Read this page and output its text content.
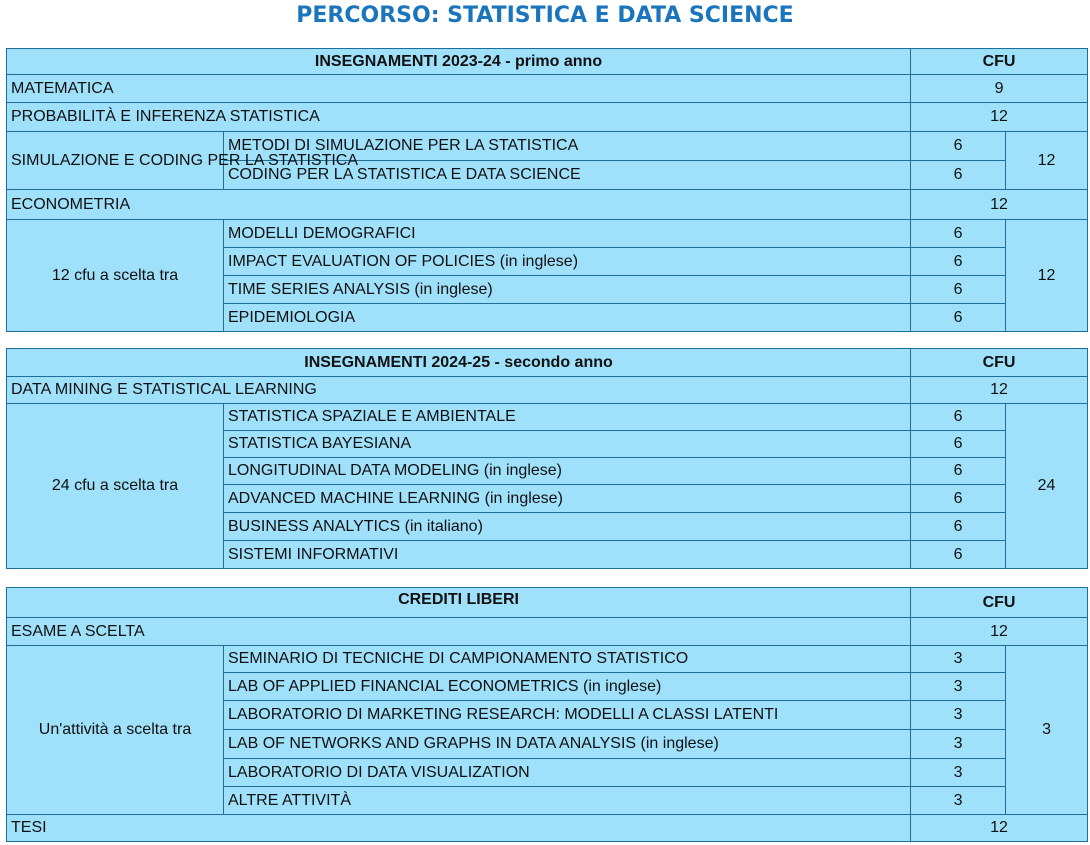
PERCORSO: STATISTICA E DATA SCIENCE
INSEGNAMENTI 2023-24 - primo anno		CFU	
MATEMATICA		9	
PROBABILITÀ E INFERENZA STATISTICA		12	
SIMULAZIONE E CODING PER LA STATISTICA	METODI DI SIMULAZIONE PER LA STATISTICA	6	12
	CODING PER LA STATISTICA E DATA SCIENCE	6	
ECONOMETRIA		12	
12 cfu a scelta tra	MODELLI DEMOGRAFICI	6	12
	IMPACT EVALUATION OF POLICIES (in inglese)	6	
	TIME SERIES ANALYSIS (in inglese)	6	
	EPIDEMIOLOGIA	6	
INSEGNAMENTI 2024-25 - secondo anno		CFU	
DATA MINING E STATISTICAL LEARNING		12	
24 cfu a scelta tra	STATISTICA SPAZIALE E AMBIENTALE	6	24
	STATISTICA BAYESIANA	6	
	LONGITUDINAL DATA MODELING (in inglese)	6	
	ADVANCED MACHINE LEARNING (in inglese)	6	
	BUSINESS ANALYTICS (in italiano)	6	
	SISTEMI INFORMATIVI	6	
CREDITI LIBERI		CFU	
ESAME A SCELTA		12	
Un'attività a scelta tra	SEMINARIO DI TECNICHE DI CAMPIONAMENTO STATISTICO	3	3
	LAB OF APPLIED FINANCIAL ECONOMETRICS (in inglese)	3	
	LABORATORIO DI MARKETING RESEARCH: MODELLI A CLASSI LATENTI	3	
	LAB OF NETWORKS AND GRAPHS IN DATA ANALYSIS (in inglese)	3	
	LABORATORIO DI DATA VISUALIZATION	3	
	ALTRE ATTIVITÀ	3	
TESI		12	
